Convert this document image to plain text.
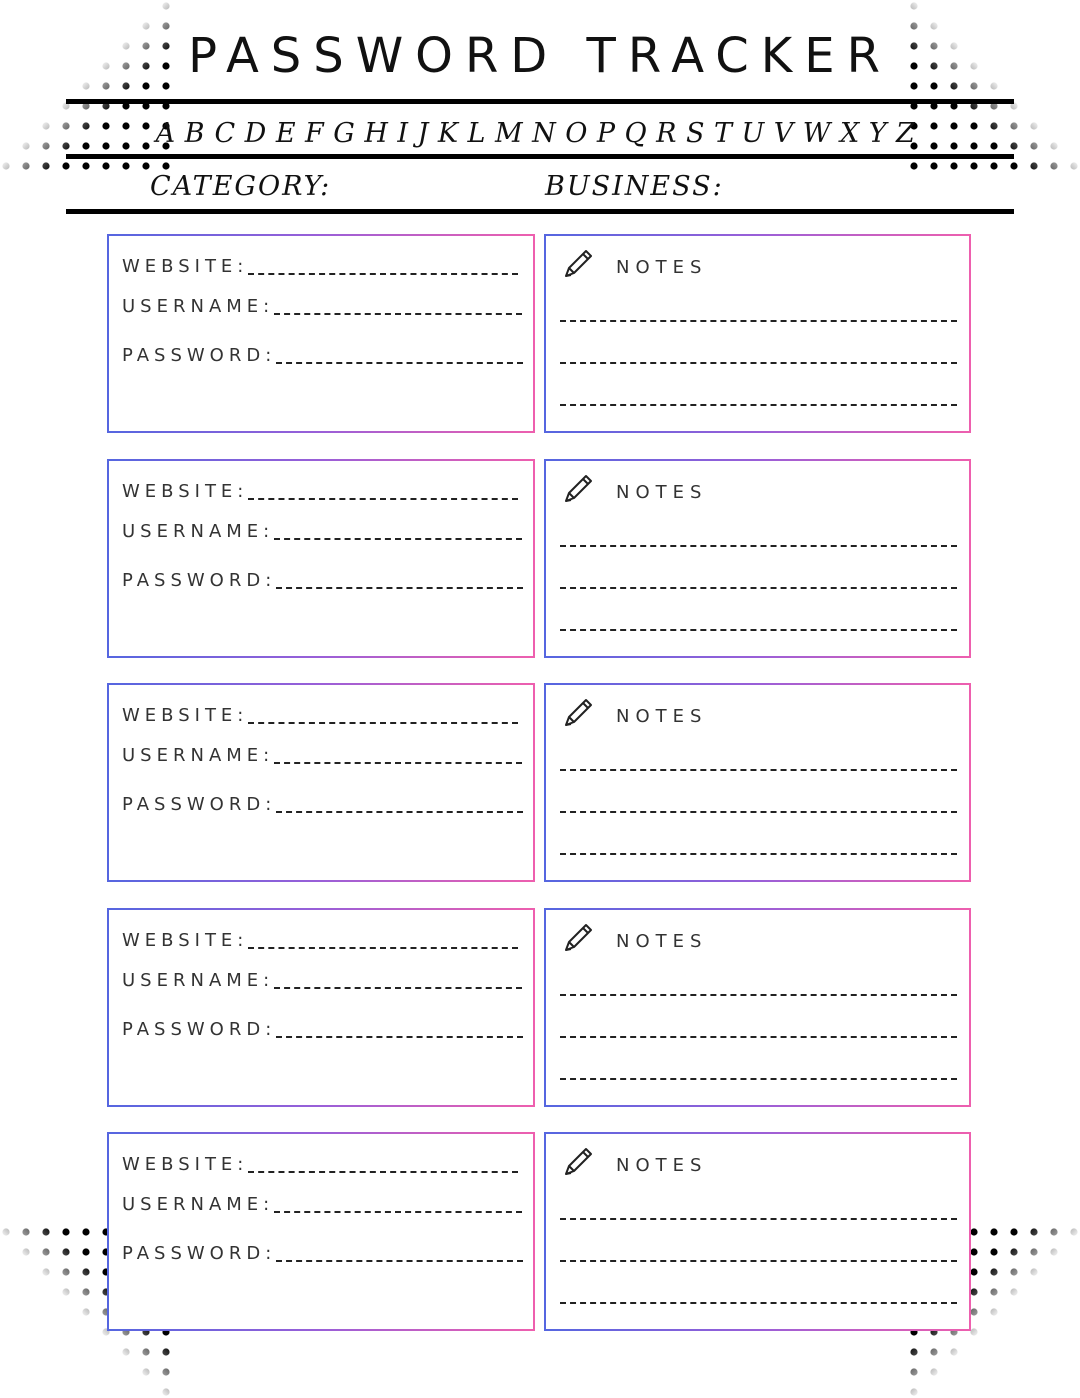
PASSWORD TRACKER
ABCDEFGHIJKLMNOPQRSTUVWXYZ
CATEGORY:	BUSINESS:
WEBSITE:
USERNAME:
PASSWORD:
NOTES
WEBSITE:
USERNAME:
PASSWORD:
NOTES
WEBSITE:
USERNAME:
PASSWORD:
NOTES
WEBSITE:
USERNAME:
PASSWORD:
NOTES
WEBSITE:
USERNAME:
PASSWORD:
NOTES
